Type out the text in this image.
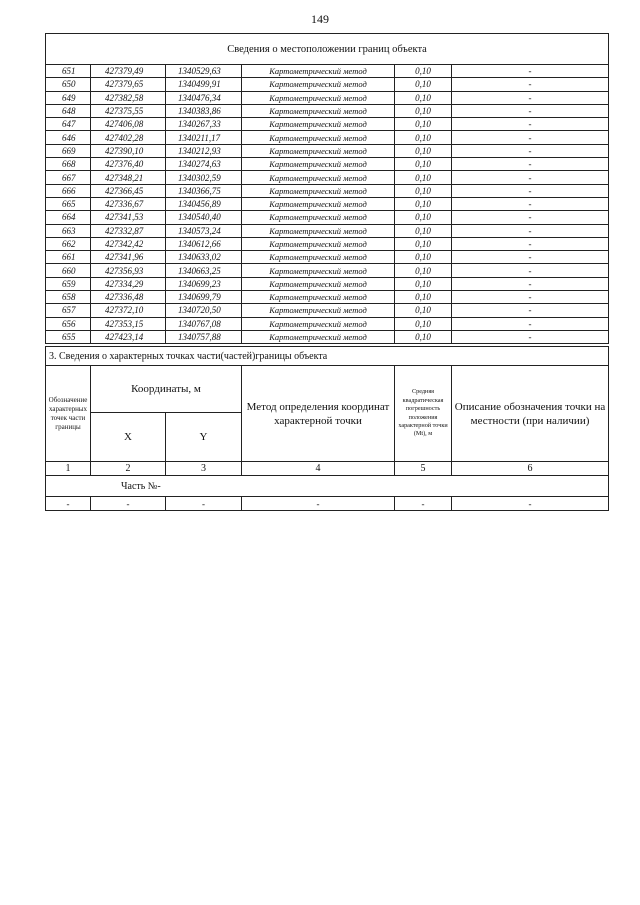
149
Сведения о местоположении границ объекта					
651	427379,49	1340529,63	Картометрический метод	0,10	-
650	427379,65	1340499,91	Картометрический метод	0,10	-
649	427382,58	1340476,34	Картометрический метод	0,10	-
648	427375,55	1340383,86	Картометрический метод	0,10	-
647	427406,08	1340267,33	Картометрический метод	0,10	-
646	427402,28	1340211,17	Картометрический метод	0,10	-
669	427390,10	1340212,93	Картометрический метод	0,10	-
668	427376,40	1340274,63	Картометрический метод	0,10	-
667	427348,21	1340302,59	Картометрический метод	0,10	-
666	427366,45	1340366,75	Картометрический метод	0,10	-
665	427336,67	1340456,89	Картометрический метод	0,10	-
664	427341,53	1340540,40	Картометрический метод	0,10	-
663	427332,87	1340573,24	Картометрический метод	0,10	-
662	427342,42	1340612,66	Картометрический метод	0,10	-
661	427341,96	1340633,02	Картометрический метод	0,10	-
660	427356,93	1340663,25	Картометрический метод	0,10	-
659	427334,29	1340699,23	Картометрический метод	0,10	-
658	427336,48	1340699,79	Картометрический метод	0,10	-
657	427372,10	1340720,50	Картометрический метод	0,10	-
656	427353,15	1340767,08	Картометрический метод	0,10	-
655	427423,14	1340757,88	Картометрический метод	0,10	-
3. Сведения о характерных точках части(частей)границы объекта					
Обозначение характерных точек части границы	Координаты, м		Метод определения координат характерной точки	Средняя квадратическая погрешность положения характерной точки (Mt), м	Описание обозначения точки на местности (при наличии)
	X	Y			
1	2	3	4	5	6
Часть №-					
-	-	-	-	-	-
